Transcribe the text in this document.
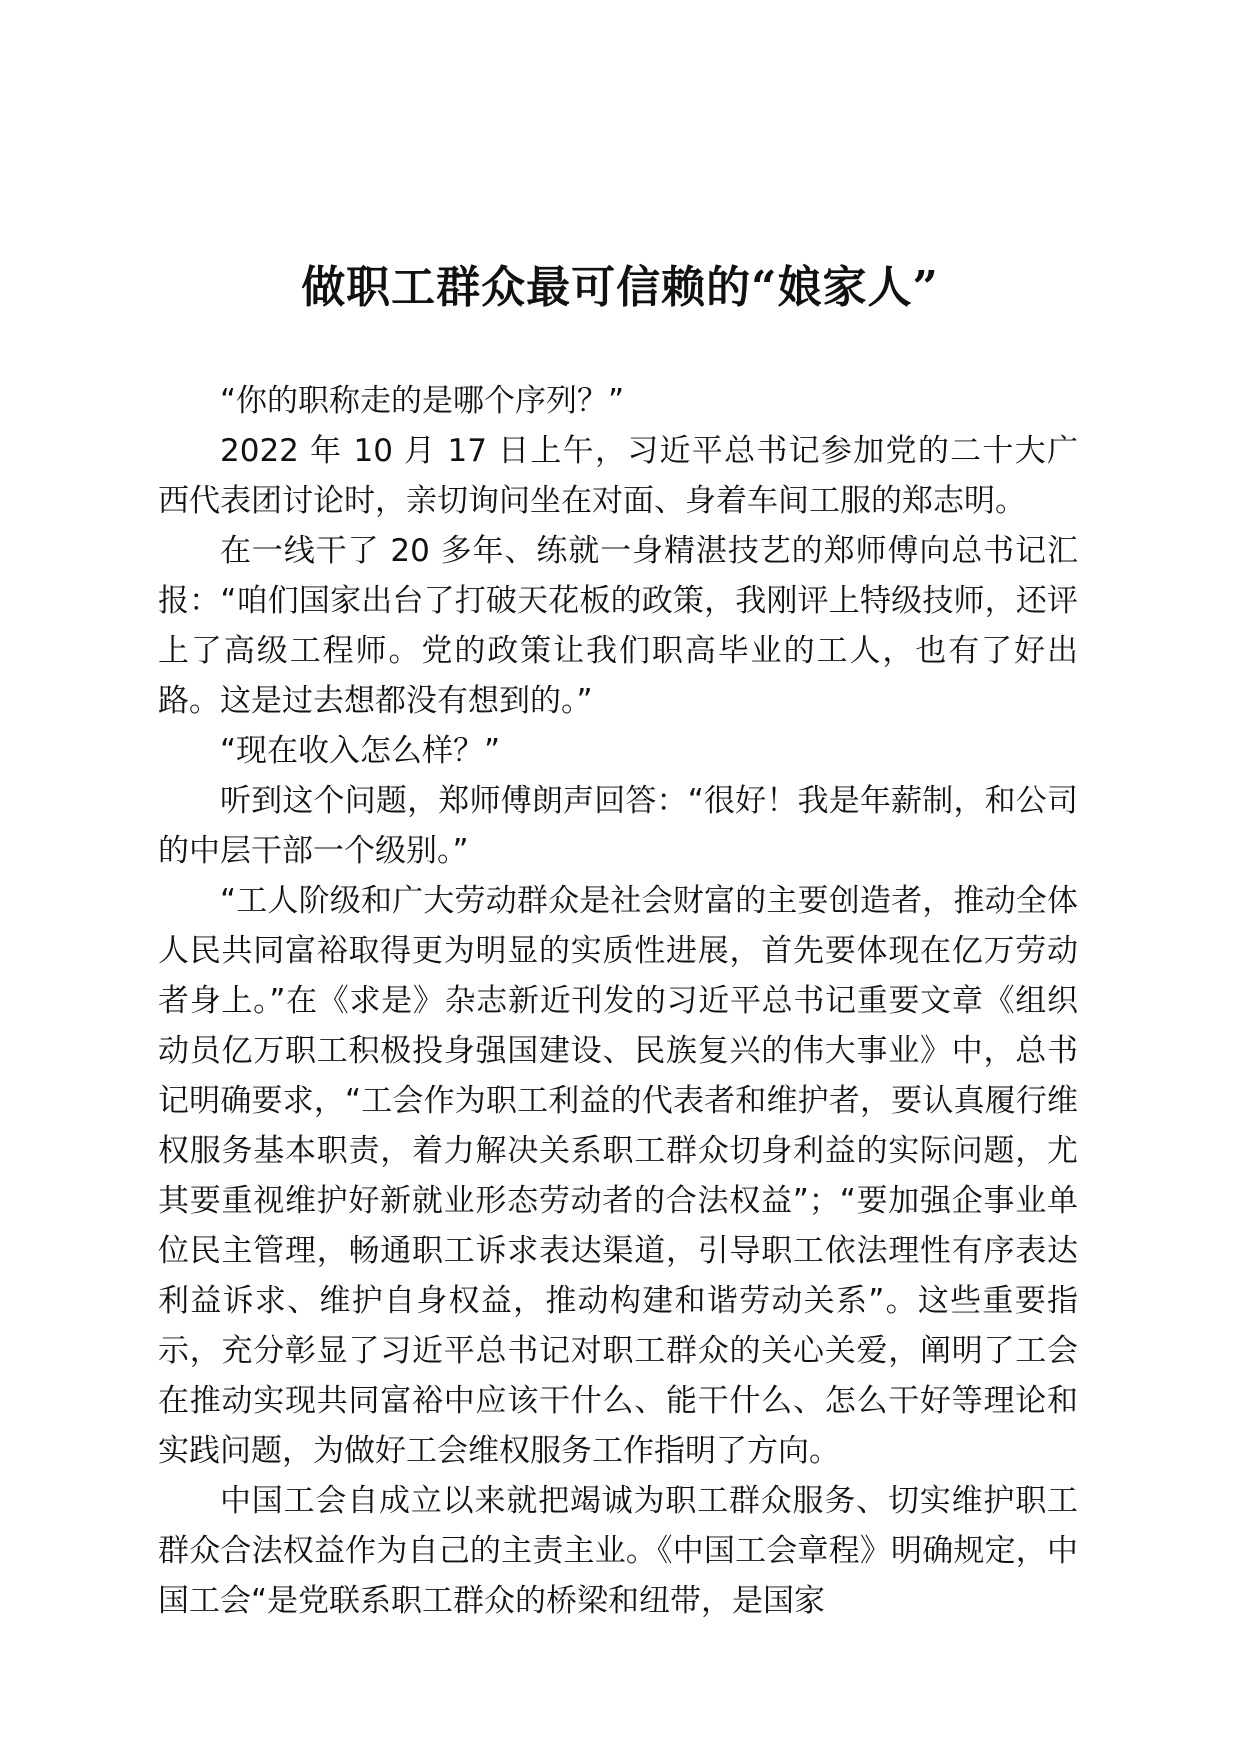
做职工群众最可信赖的“娘家人”

“你的职称走的是哪个序列？”

2022 年 10 月 17 日上午，习近平总书记参加党的二十大广西代表团讨论时，亲切询问坐在对面、身着车间工服的郑志明。

在一线干了 20 多年、练就一身精湛技艺的郑师傅向总书记汇报：“咱们国家出台了打破天花板的政策，我刚评上特级技师，还评上了高级工程师。党的政策让我们职高毕业的工人，也有了好出路。这是过去想都没有想到的。”

“现在收入怎么样？”

听到这个问题，郑师傅朗声回答：“很好！我是年薪制，和公司的中层干部一个级别。”

“工人阶级和广大劳动群众是社会财富的主要创造者，推动全体人民共同富裕取得更为明显的实质性进展，首先要体现在亿万劳动者身上。”在《求是》杂志新近刊发的习近平总书记重要文章《组织动员亿万职工积极投身强国建设、民族复兴的伟大事业》中，总书记明确要求，“工会作为职工利益的代表者和维护者，要认真履行维权服务基本职责，着力解决关系职工群众切身利益的实际问题，尤其要重视维护好新就业形态劳动者的合法权益”；“要加强企事业单位民主管理，畅通职工诉求表达渠道，引导职工依法理性有序表达利益诉求、维护自身权益，推动构建和谐劳动关系”。这些重要指示，充分彰显了习近平总书记对职工群众的关心关爱，阐明了工会在推动实现共同富裕中应该干什么、能干什么、怎么干好等理论和实践问题，为做好工会维权服务工作指明了方向。

中国工会自成立以来就把竭诚为职工群众服务、切实维护职工群众合法权益作为自己的主责主业。《中国工会章程》明确规定，中国工会“是党联系职工群众的桥梁和纽带，是国家
